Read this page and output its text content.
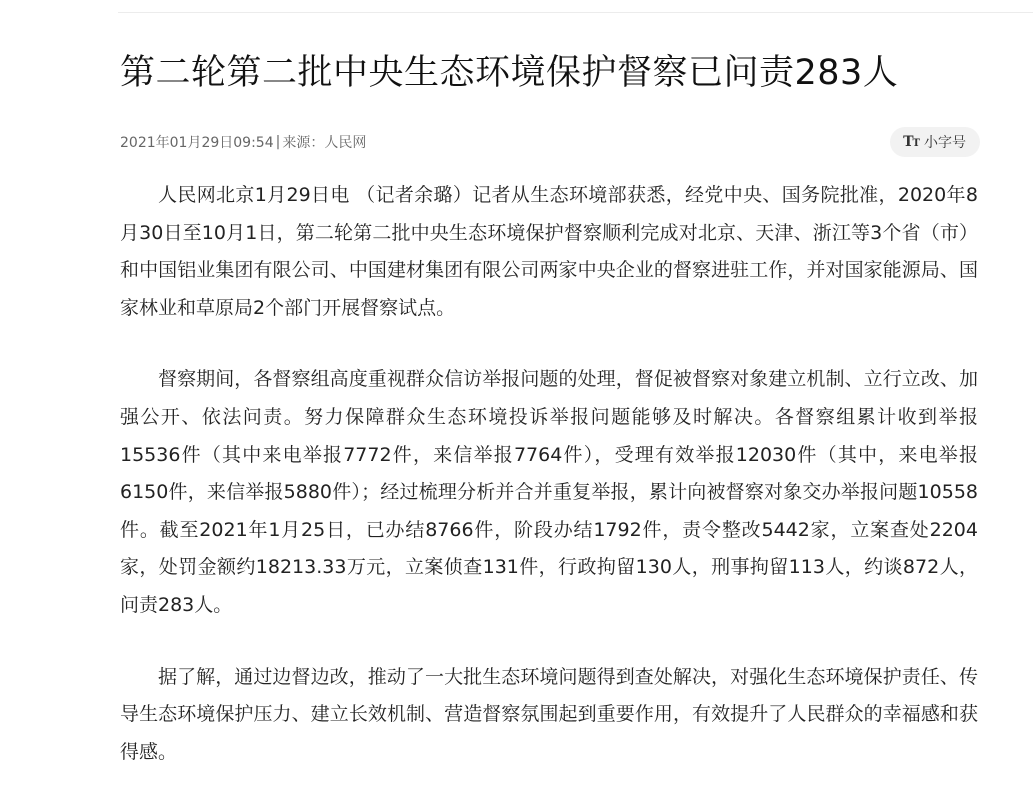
第二轮第二批中央生态环境保护督察已问责283人
2021年01月29日09:54 | 来源： 人民网	TT 小字号

人民网北京1月29日电 （记者余璐）记者从生态环境部获悉，经党中央、国务院批准，2020年8月30日至10月1日，第二轮第二批中央生态环境保护督察顺利完成对北京、天津、浙江等3个省（市）和中国铝业集团有限公司、中国建材集团有限公司两家中央企业的督察进驻工作，并对国家能源局、国家林业和草原局2个部门开展督察试点。

督察期间，各督察组高度重视群众信访举报问题的处理，督促被督察对象建立机制、立行立改、加强公开、依法问责。努力保障群众生态环境投诉举报问题能够及时解决。各督察组累计收到举报15536件（其中来电举报7772件，来信举报7764件），受理有效举报12030件（其中，来电举报6150件，来信举报5880件）；经过梳理分析并合并重复举报，累计向被督察对象交办举报问题10558件。截至2021年1月25日，已办结8766件，阶段办结1792件，责令整改5442家，立案查处2204家，处罚金额约18213.33万元，立案侦查131件，行政拘留130人，刑事拘留113人，约谈872人，问责283人。

据了解，通过边督边改，推动了一大批生态环境问题得到查处解决，对强化生态环境保护责任、传导生态环境保护压力、建立长效机制、营造督察氛围起到重要作用，有效提升了人民群众的幸福感和获得感。
